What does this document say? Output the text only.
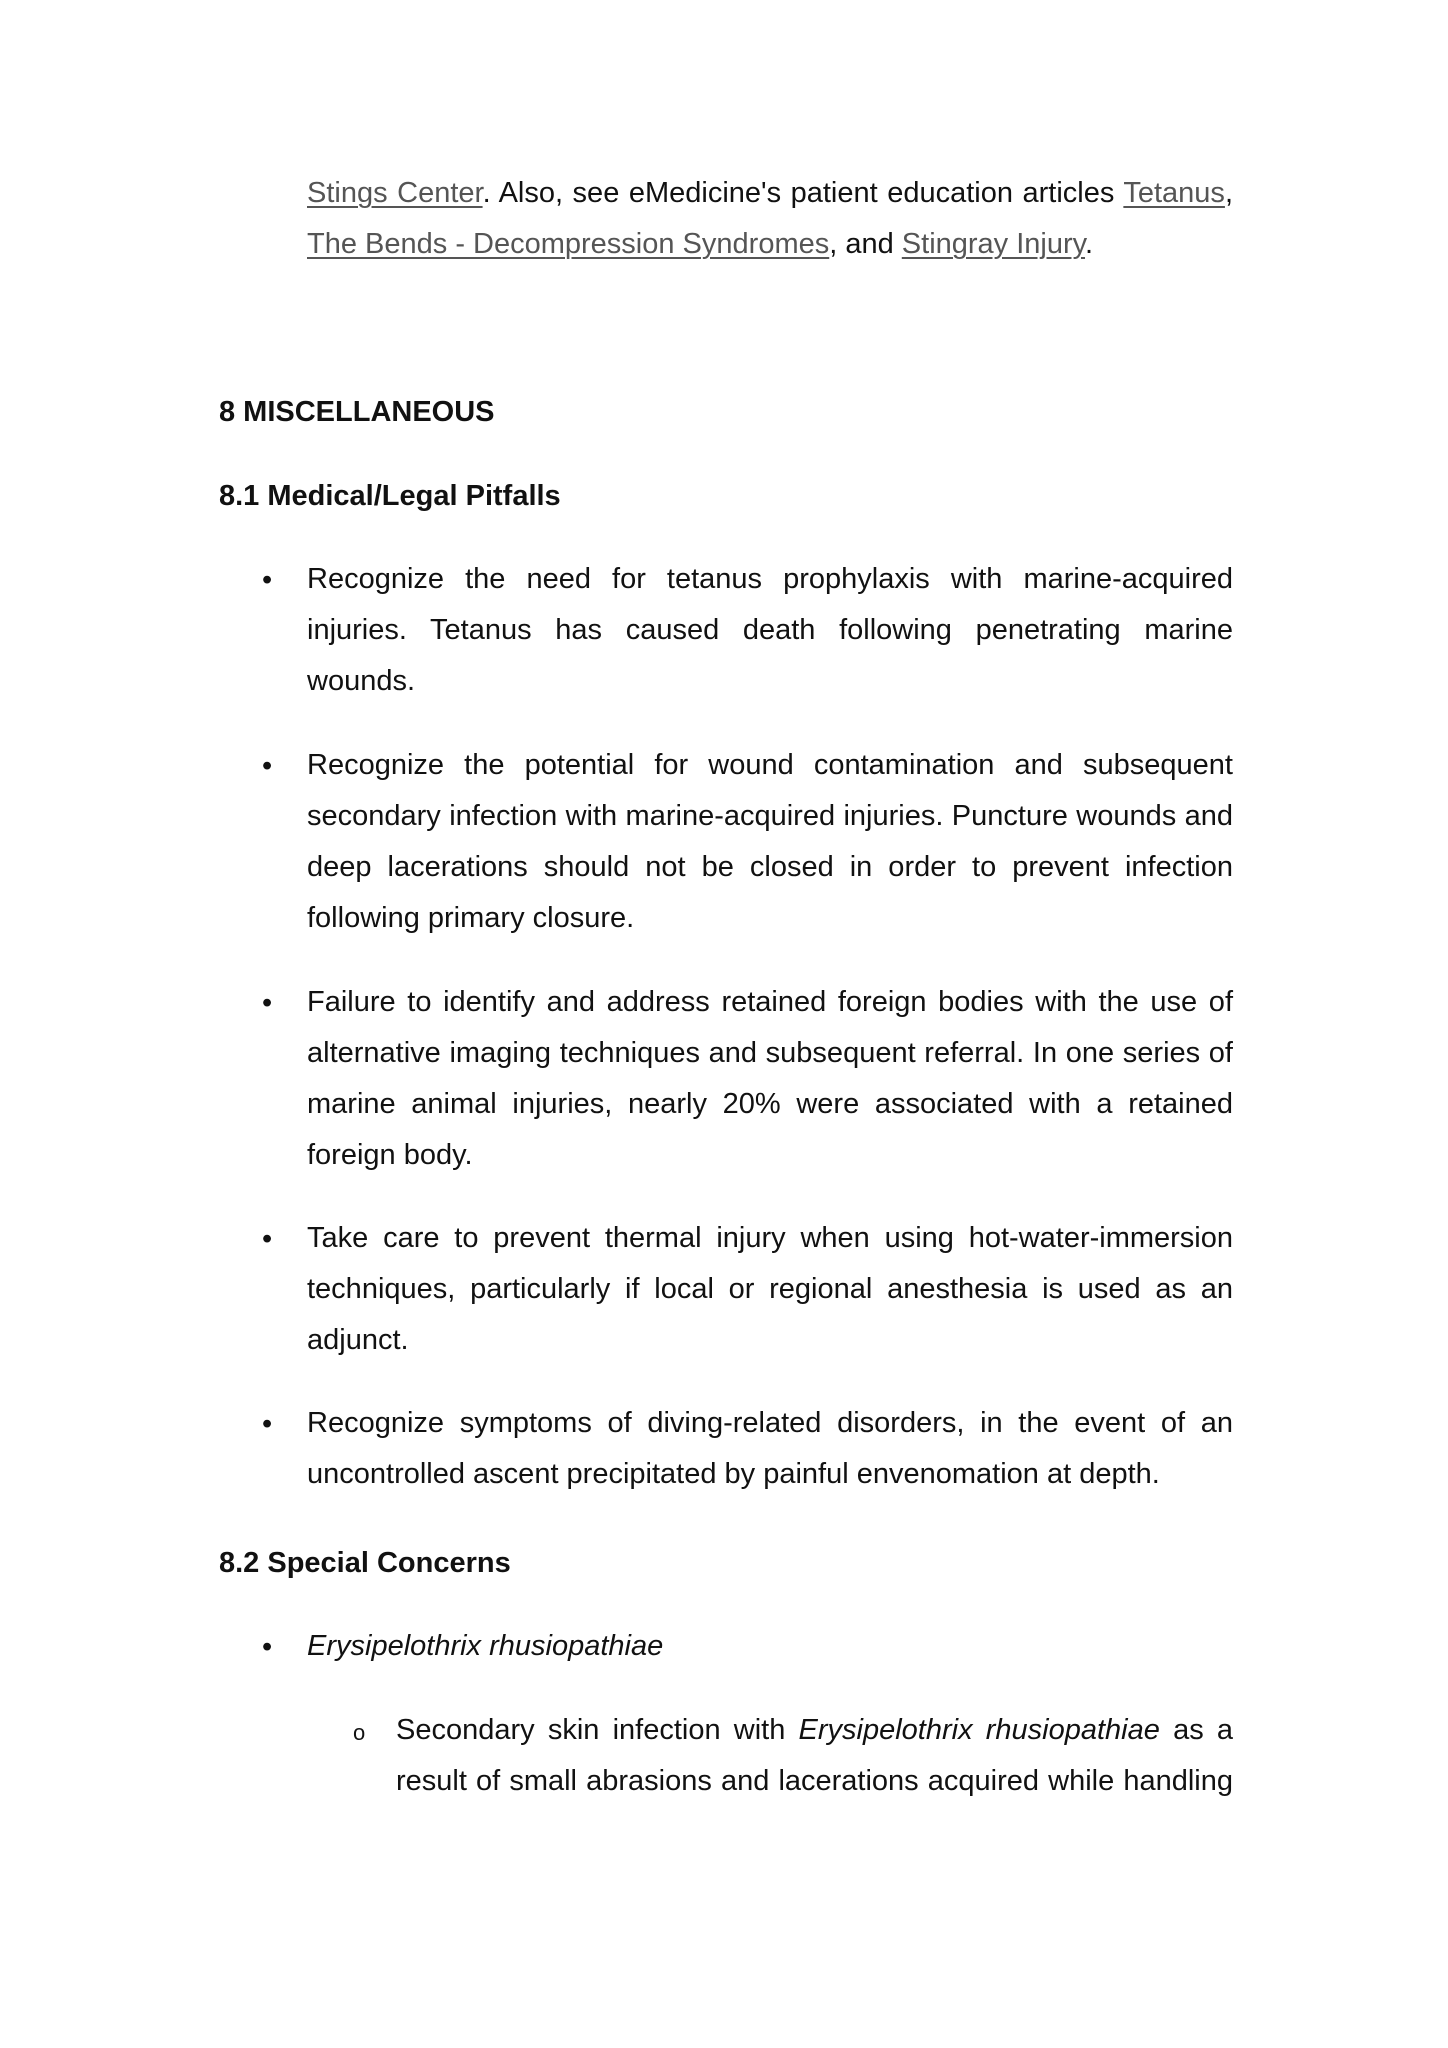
Stings Center. Also, see eMedicine's patient education articles Tetanus, The Bends - Decompression Syndromes, and Stingray Injury.

8 MISCELLANEOUS
8.1 Medical/Legal Pitfalls
• Recognize the need for tetanus prophylaxis with marine-acquired injuries. Tetanus has caused death following penetrating marine wounds.

• Recognize the potential for wound contamination and subsequent secondary infection with marine-acquired injuries. Puncture wounds and deep lacerations should not be closed in order to prevent infection following primary closure.

• Failure to identify and address retained foreign bodies with the use of alternative imaging techniques and subsequent referral. In one series of marine animal injuries, nearly 20% were associated with a retained foreign body.

• Take care to prevent thermal injury when using hot-water-immersion techniques, particularly if local or regional anesthesia is used as an adjunct.

• Recognize symptoms of diving-related disorders, in the event of an uncontrolled ascent precipitated by painful envenomation at depth.

8.2 Special Concerns
• Erysipelothrix rhusiopathiae

o Secondary skin infection with Erysipelothrix rhusiopathiae as a result of small abrasions and lacerations acquired while handling
